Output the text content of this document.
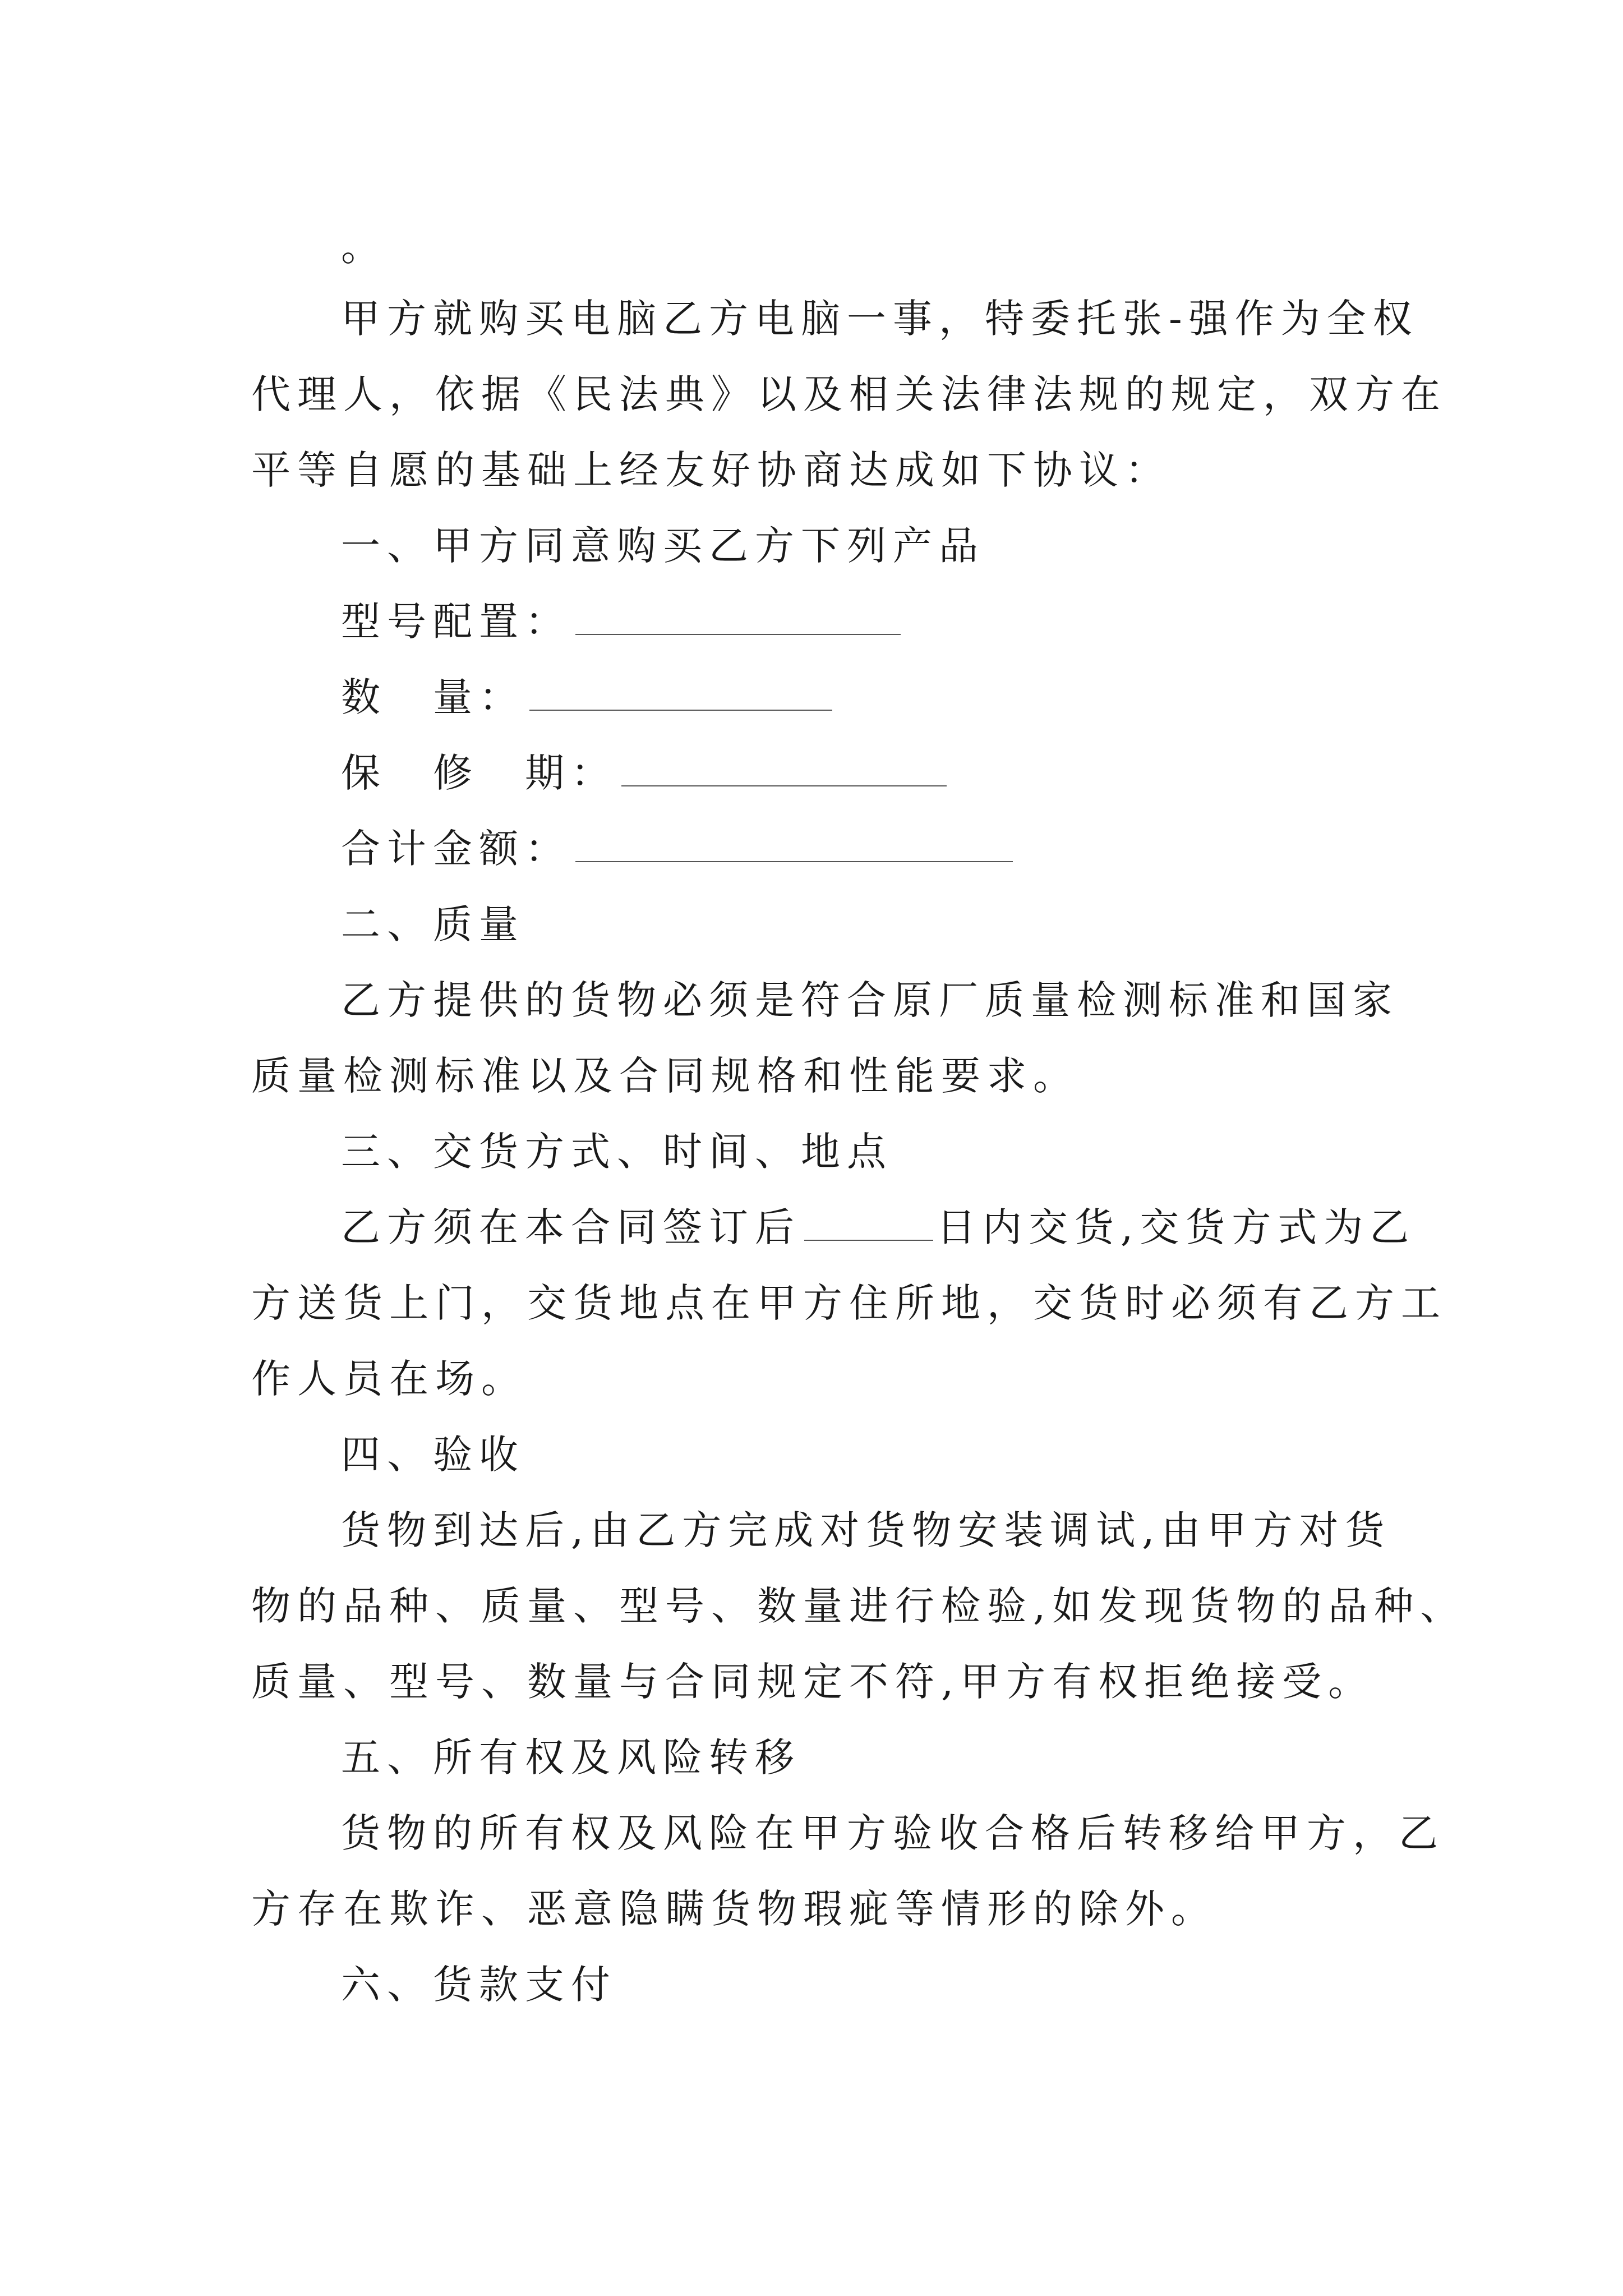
。
甲方就购买电脑乙方电脑一事，特委托张-强作为全权
代理人，依据《民法典》以及相关法律法规的规定，双方在
平等自愿的基础上经友好协商达成如下协议：
一、甲方同意购买乙方下列产品
型号配置：
数　量：
保　修　期：
合计金额：
二、质量
乙方提供的货物必须是符合原厂质量检测标准和国家
质量检测标准以及合同规格和性能要求。
三、交货方式、时间、地点
乙方须在本合同签订后	日内交货,交货方式为乙
方送货上门，交货地点在甲方住所地，交货时必须有乙方工
作人员在场。
四、验收
货物到达后,由乙方完成对货物安装调试,由甲方对货
物的品种、质量、型号、数量进行检验,如发现货物的品种、
质量、型号、数量与合同规定不符,甲方有权拒绝接受。
五、所有权及风险转移
货物的所有权及风险在甲方验收合格后转移给甲方，乙
方存在欺诈、恶意隐瞒货物瑕疵等情形的除外。
六、货款支付
